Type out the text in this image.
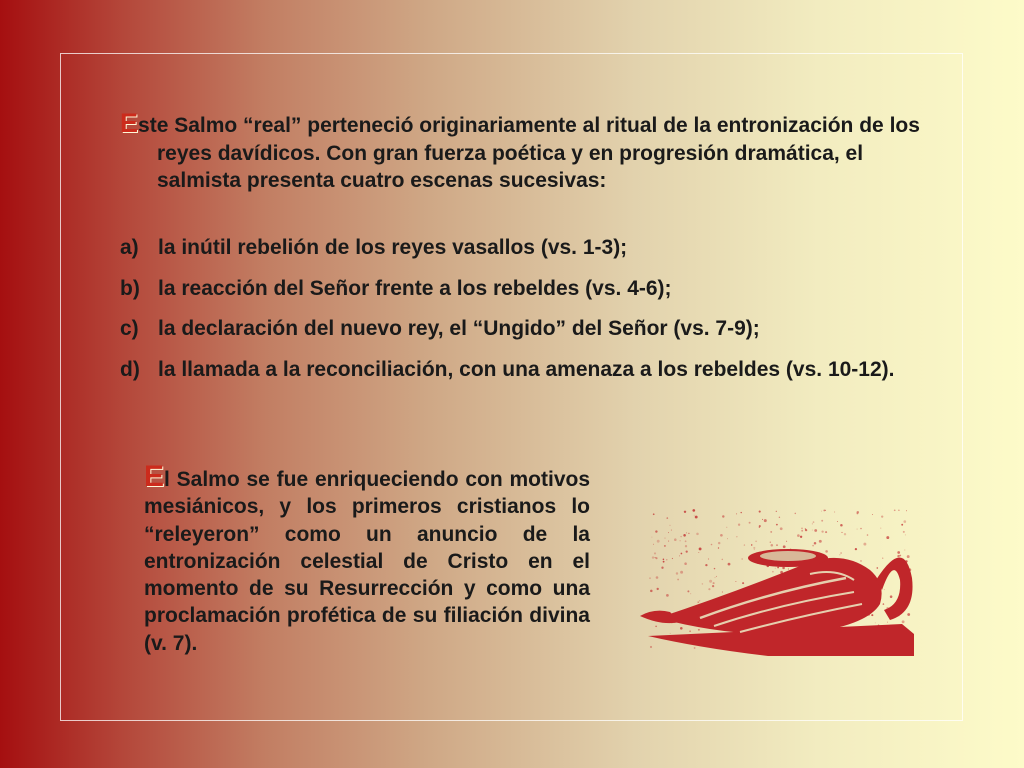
Este Salmo “real” perteneció originariamente al ritual de la entronización de los reyes davídicos. Con gran fuerza poética y en progresión dramática, el salmista presenta cuatro escenas sucesivas:

a) la inútil rebelión de los reyes vasallos (vs. 1-3);
b) la reacción del Señor frente a los rebeldes (vs. 4-6);
c) la declaración del nuevo rey, el “Ungido” del Señor (vs. 7-9);
d) la llamada a la reconciliación, con una amenaza a los rebeldes (vs. 10-12).

El Salmo se fue enriqueciendo con motivos mesiánicos, y los primeros cristianos lo “releyeron” como un anuncio de la entronización celestial de Cristo en el momento de su Resurrección y como una proclamación profética de su filiación divina (v. 7).
